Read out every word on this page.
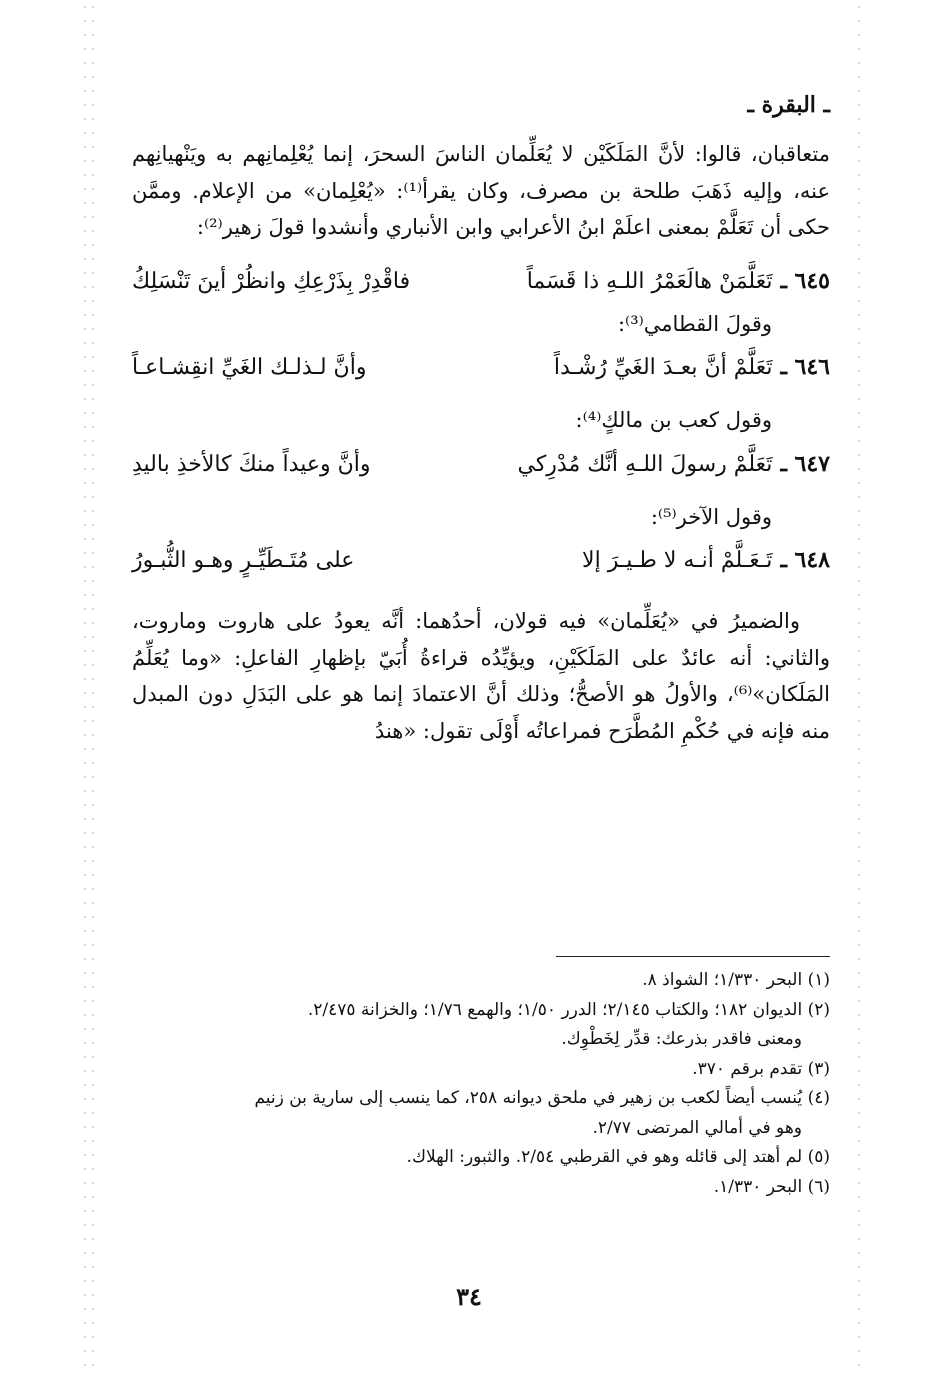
ـ البقرة ـ

متعاقبان، قالوا: لأنَّ المَلَكَيْن لا يُعَلِّمان الناسَ السحرَ، إنما يُعْلِمانِهم به ويَنْهيانِهم عنه، وإليه ذَهَبَ طلحة بن مصرف، وكان يقرأ⁽¹⁾: «يُعْلِمان» من الإعلام. وممَّن حكى أن تَعَلَّمْ بمعنى اعلَمْ ابنُ الأعرابي وابن الأنباري وأنشدوا قولَ زهير⁽²⁾:

٦٤٥ ـ
تَعَلَّمَنْ هالَعَمْرُ اللـهِ ذا قَسَماً
فاقْدِرْ بِذَرْعِكِ وانظُرْ أينَ تَنْسَلِكُ

وقولَ القطامي⁽³⁾:

٦٤٦ ـ
تَعَلَّمْ أنَّ بعـدَ الغَيِّ رُشْـداً
وأنَّ لـذلـك الغَيِّ انقِشـاعـاً

وقول كعب بن مالكٍ⁽⁴⁾:

٦٤٧ ـ
تَعَلَّمْ رسولَ اللـهِ أنَّك مُدْرِكي
وأنَّ وعيداً منكَ كالأخذِ باليدِ

وقول الآخر⁽⁵⁾:

٦٤٨ ـ
تَـعَـلَّمْ أنـه لا طـيـرَ إلا
على مُتَـطَيِّـرٍ وهـو الثُّبـورُ

والضميرُ في «يُعَلِّمان» فيه قولان، أحدُهما: أنَّه يعودُ على هاروت وماروت، والثاني: أنه عائدٌ على المَلَكَيْنِ، ويؤيِّدُه قراءةُ أُبَيّ بإظهارِ الفاعلِ: «وما يُعَلِّمُ المَلَكان»⁽⁶⁾، والأولُ هو الأصحُّ؛ وذلك أنَّ الاعتمادَ إنما هو على البَدَلِ دون المبدل منه فإنه في حُكْمِ المُطَّرَح فمراعاتُه أَوْلَى تقول: «هندُ

(١) البحر ١/٣٣٠؛ الشواذ ٨.

(٢) الديوان ١٨٢؛ والكتاب ٢/١٤٥؛ الدرر ١/٥٠؛ والهمع ١/٧٦؛ والخزانة ٢/٤٧٥.
ومعنى فاقدر بذرعك: قدِّر لِخَطْوِك.

(٣) تقدم برقم ٣٧٠.

(٤) يُنسب أيضاً لكعب بن زهير في ملحق ديوانه ٢٥٨، كما ينسب إلى سارية بن زنيم
وهو في أمالي المرتضى ٢/٧٧.

(٥) لم أهتد إلى قائله وهو في القرطبي ٢/٥٤. والثبور: الهلاك.

(٦) البحر ١/٣٣٠.

٣٤
